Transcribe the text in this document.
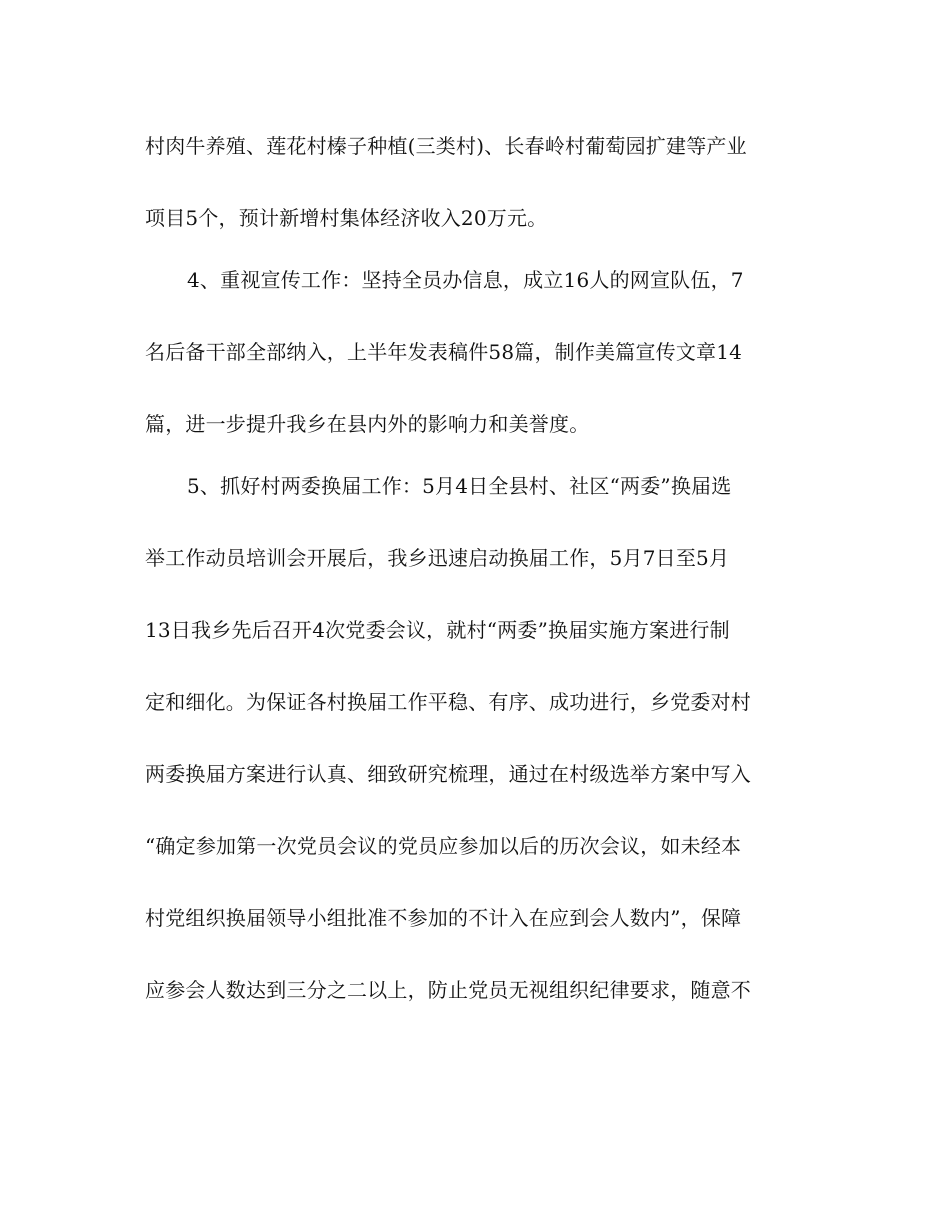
村肉牛养殖、莲花村榛子种植(三类村)、长春岭村葡萄园扩建等产业
项目5个，预计新增村集体经济收入20万元。
4、重视宣传工作：坚持全员办信息，成立16人的网宣队伍，7
名后备干部全部纳入，上半年发表稿件58篇，制作美篇宣传文章14
篇，进一步提升我乡在县内外的影响力和美誉度。
5、抓好村两委换届工作：5月4日全县村、社区“两委”换届选
举工作动员培训会开展后，我乡迅速启动换届工作，5月7日至5月
13日我乡先后召开4次党委会议，就村“两委”换届实施方案进行制
定和细化。为保证各村换届工作平稳、有序、成功进行，乡党委对村
两委换届方案进行认真、细致研究梳理，通过在村级选举方案中写入
“确定参加第一次党员会议的党员应参加以后的历次会议，如未经本
村党组织换届领导小组批准不参加的不计入在应到会人数内”，保障
应参会人数达到三分之二以上，防止党员无视组织纪律要求，随意不
